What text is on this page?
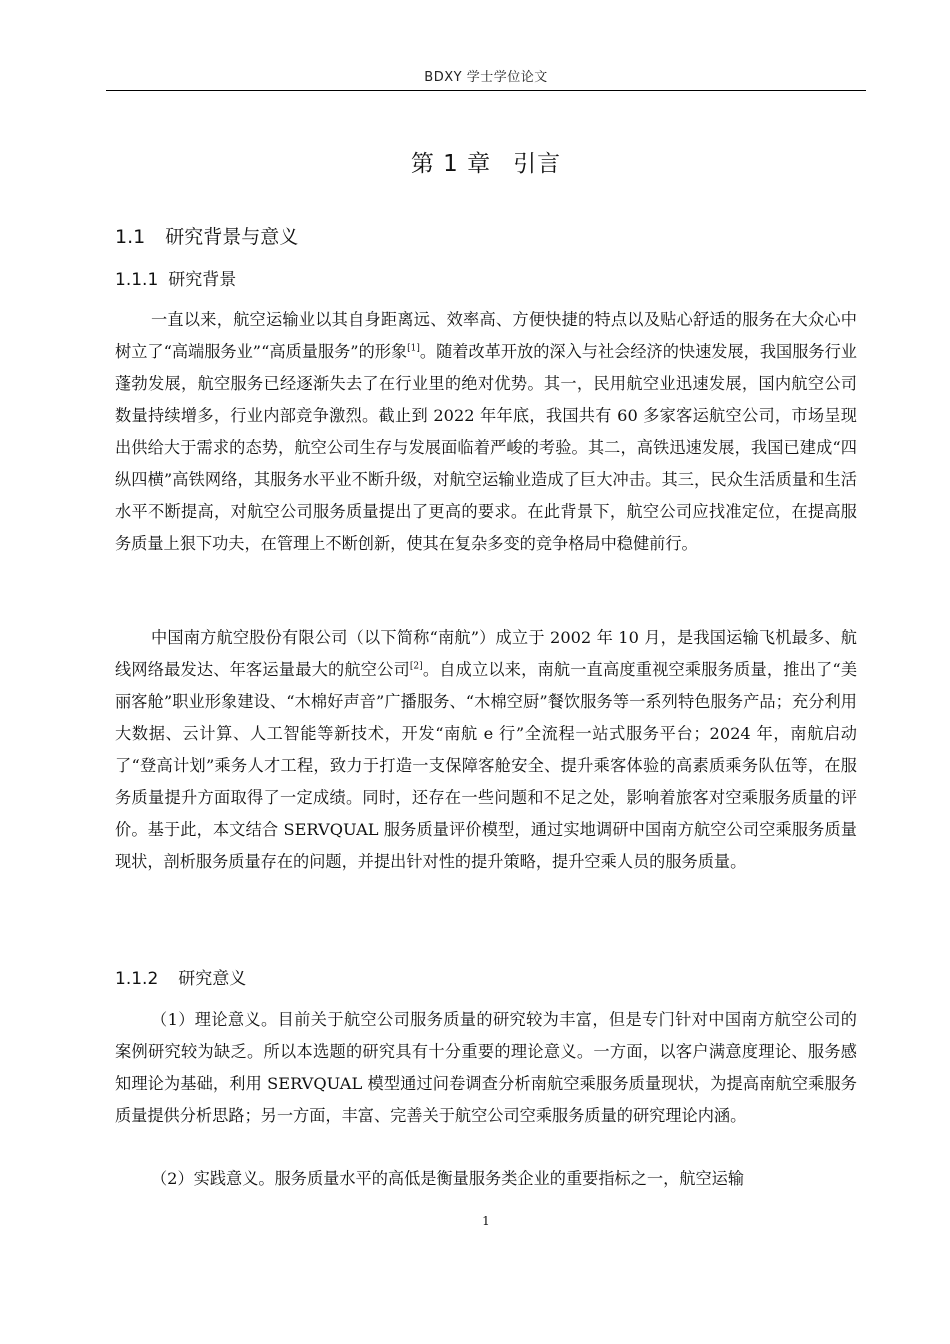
BDXY 学士学位论文
第 1 章 引言
1.1 研究背景与意义
1.1.1 研究背景

一直以来，航空运输业以其自身距离远、效率高、方便快捷的特点以及贴心舒适的服务在大众心中树立了“高端服务业”“高质量服务”的形象[1]。随着改革开放的深入与社会经济的快速发展，我国服务行业蓬勃发展，航空服务已经逐渐失去了在行业里的绝对优势。其一，民用航空业迅速发展，国内航空公司数量持续增多，行业内部竞争激烈。截止到 2022 年年底，我国共有 60 多家客运航空公司，市场呈现出供给大于需求的态势，航空公司生存与发展面临着严峻的考验。其二，高铁迅速发展，我国已建成“四纵四横”高铁网络，其服务水平业不断升级，对航空运输业造成了巨大冲击。其三，民众生活质量和生活水平不断提高，对航空公司服务质量提出了更高的要求。在此背景下，航空公司应找准定位，在提高服务质量上狠下功夫，在管理上不断创新，使其在复杂多变的竞争格局中稳健前行。

中国南方航空股份有限公司（以下简称“南航”）成立于 2002 年 10 月，是我国运输飞机最多、航线网络最发达、年客运量最大的航空公司[2]。自成立以来，南航一直高度重视空乘服务质量，推出了“美丽客舱”职业形象建设、“木棉好声音”广播服务、“木棉空厨”餐饮服务等一系列特色服务产品；充分利用大数据、云计算、人工智能等新技术，开发“南航 e 行”全流程一站式服务平台；2024 年，南航启动了“登高计划”乘务人才工程，致力于打造一支保障客舱安全、提升乘客体验的高素质乘务队伍等，在服务质量提升方面取得了一定成绩。同时，还存在一些问题和不足之处，影响着旅客对空乘服务质量的评价。基于此，本文结合 SERVQUAL 服务质量评价模型，通过实地调研中国南方航空公司空乘服务质量现状，剖析服务质量存在的问题，并提出针对性的提升策略，提升空乘人员的服务质量。

1.1.2 研究意义

（1）理论意义。目前关于航空公司服务质量的研究较为丰富，但是专门针对中国南方航空公司的案例研究较为缺乏。所以本选题的研究具有十分重要的理论意义。一方面，以客户满意度理论、服务感知理论为基础，利用 SERVQUAL 模型通过问卷调查分析南航空乘服务质量现状，为提高南航空乘服务质量提供分析思路；另一方面，丰富、完善关于航空公司空乘服务质量的研究理论内涵。

（2）实践意义。服务质量水平的高低是衡量服务类企业的重要指标之一，航空运输

1
